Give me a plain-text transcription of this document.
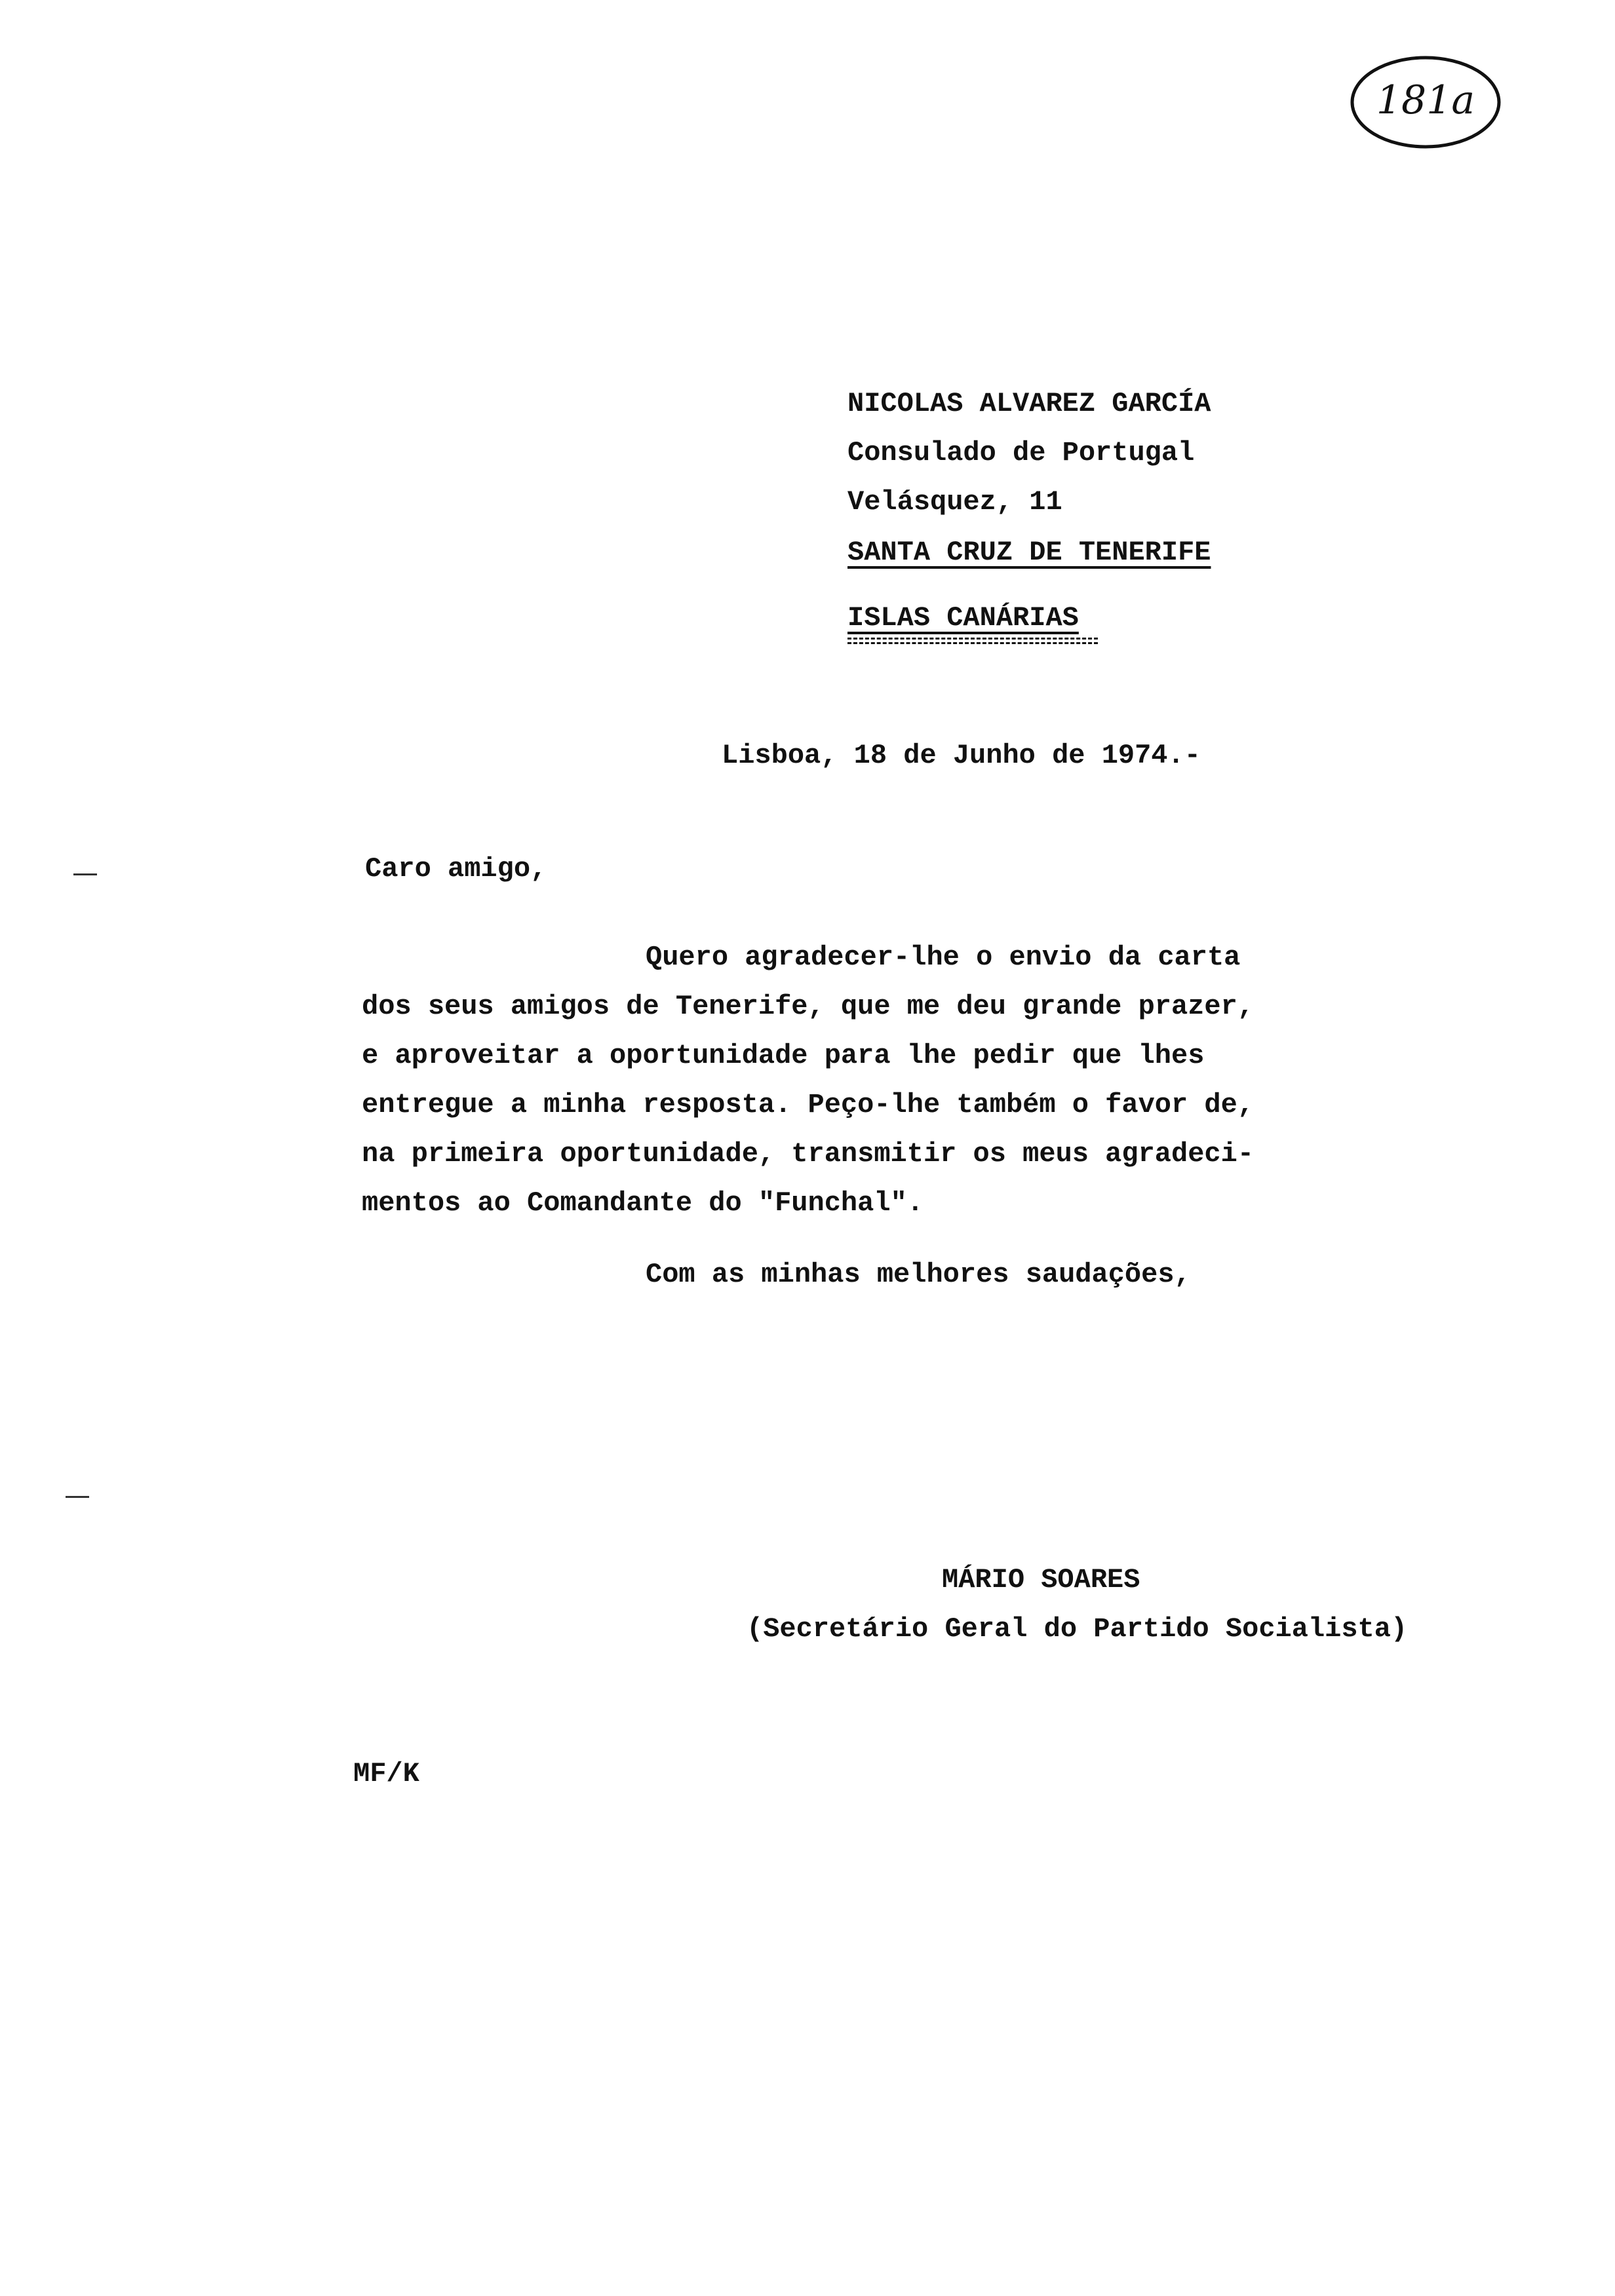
181a
NICOLAS ALVAREZ GARCÍA
Consulado de Portugal
Velásquez, 11
SANTA CRUZ DE TENERIFE
ISLAS CANÁRIAS
Lisboa, 18 de Junho de 1974.-
Caro amigo,
Quero agradecer-lhe o envio da carta
dos seus amigos de Tenerife, que me deu grande prazer,
e aproveitar a oportunidade para lhe pedir que lhes
entregue a minha resposta. Peço-lhe também o favor de,
na primeira oportunidade, transmitir os meus agradeci-
mentos ao Comandante do "Funchal".
Com as minhas melhores saudações,
MÁRIO SOARES
(Secretário Geral do Partido Socialista)
MF/K
